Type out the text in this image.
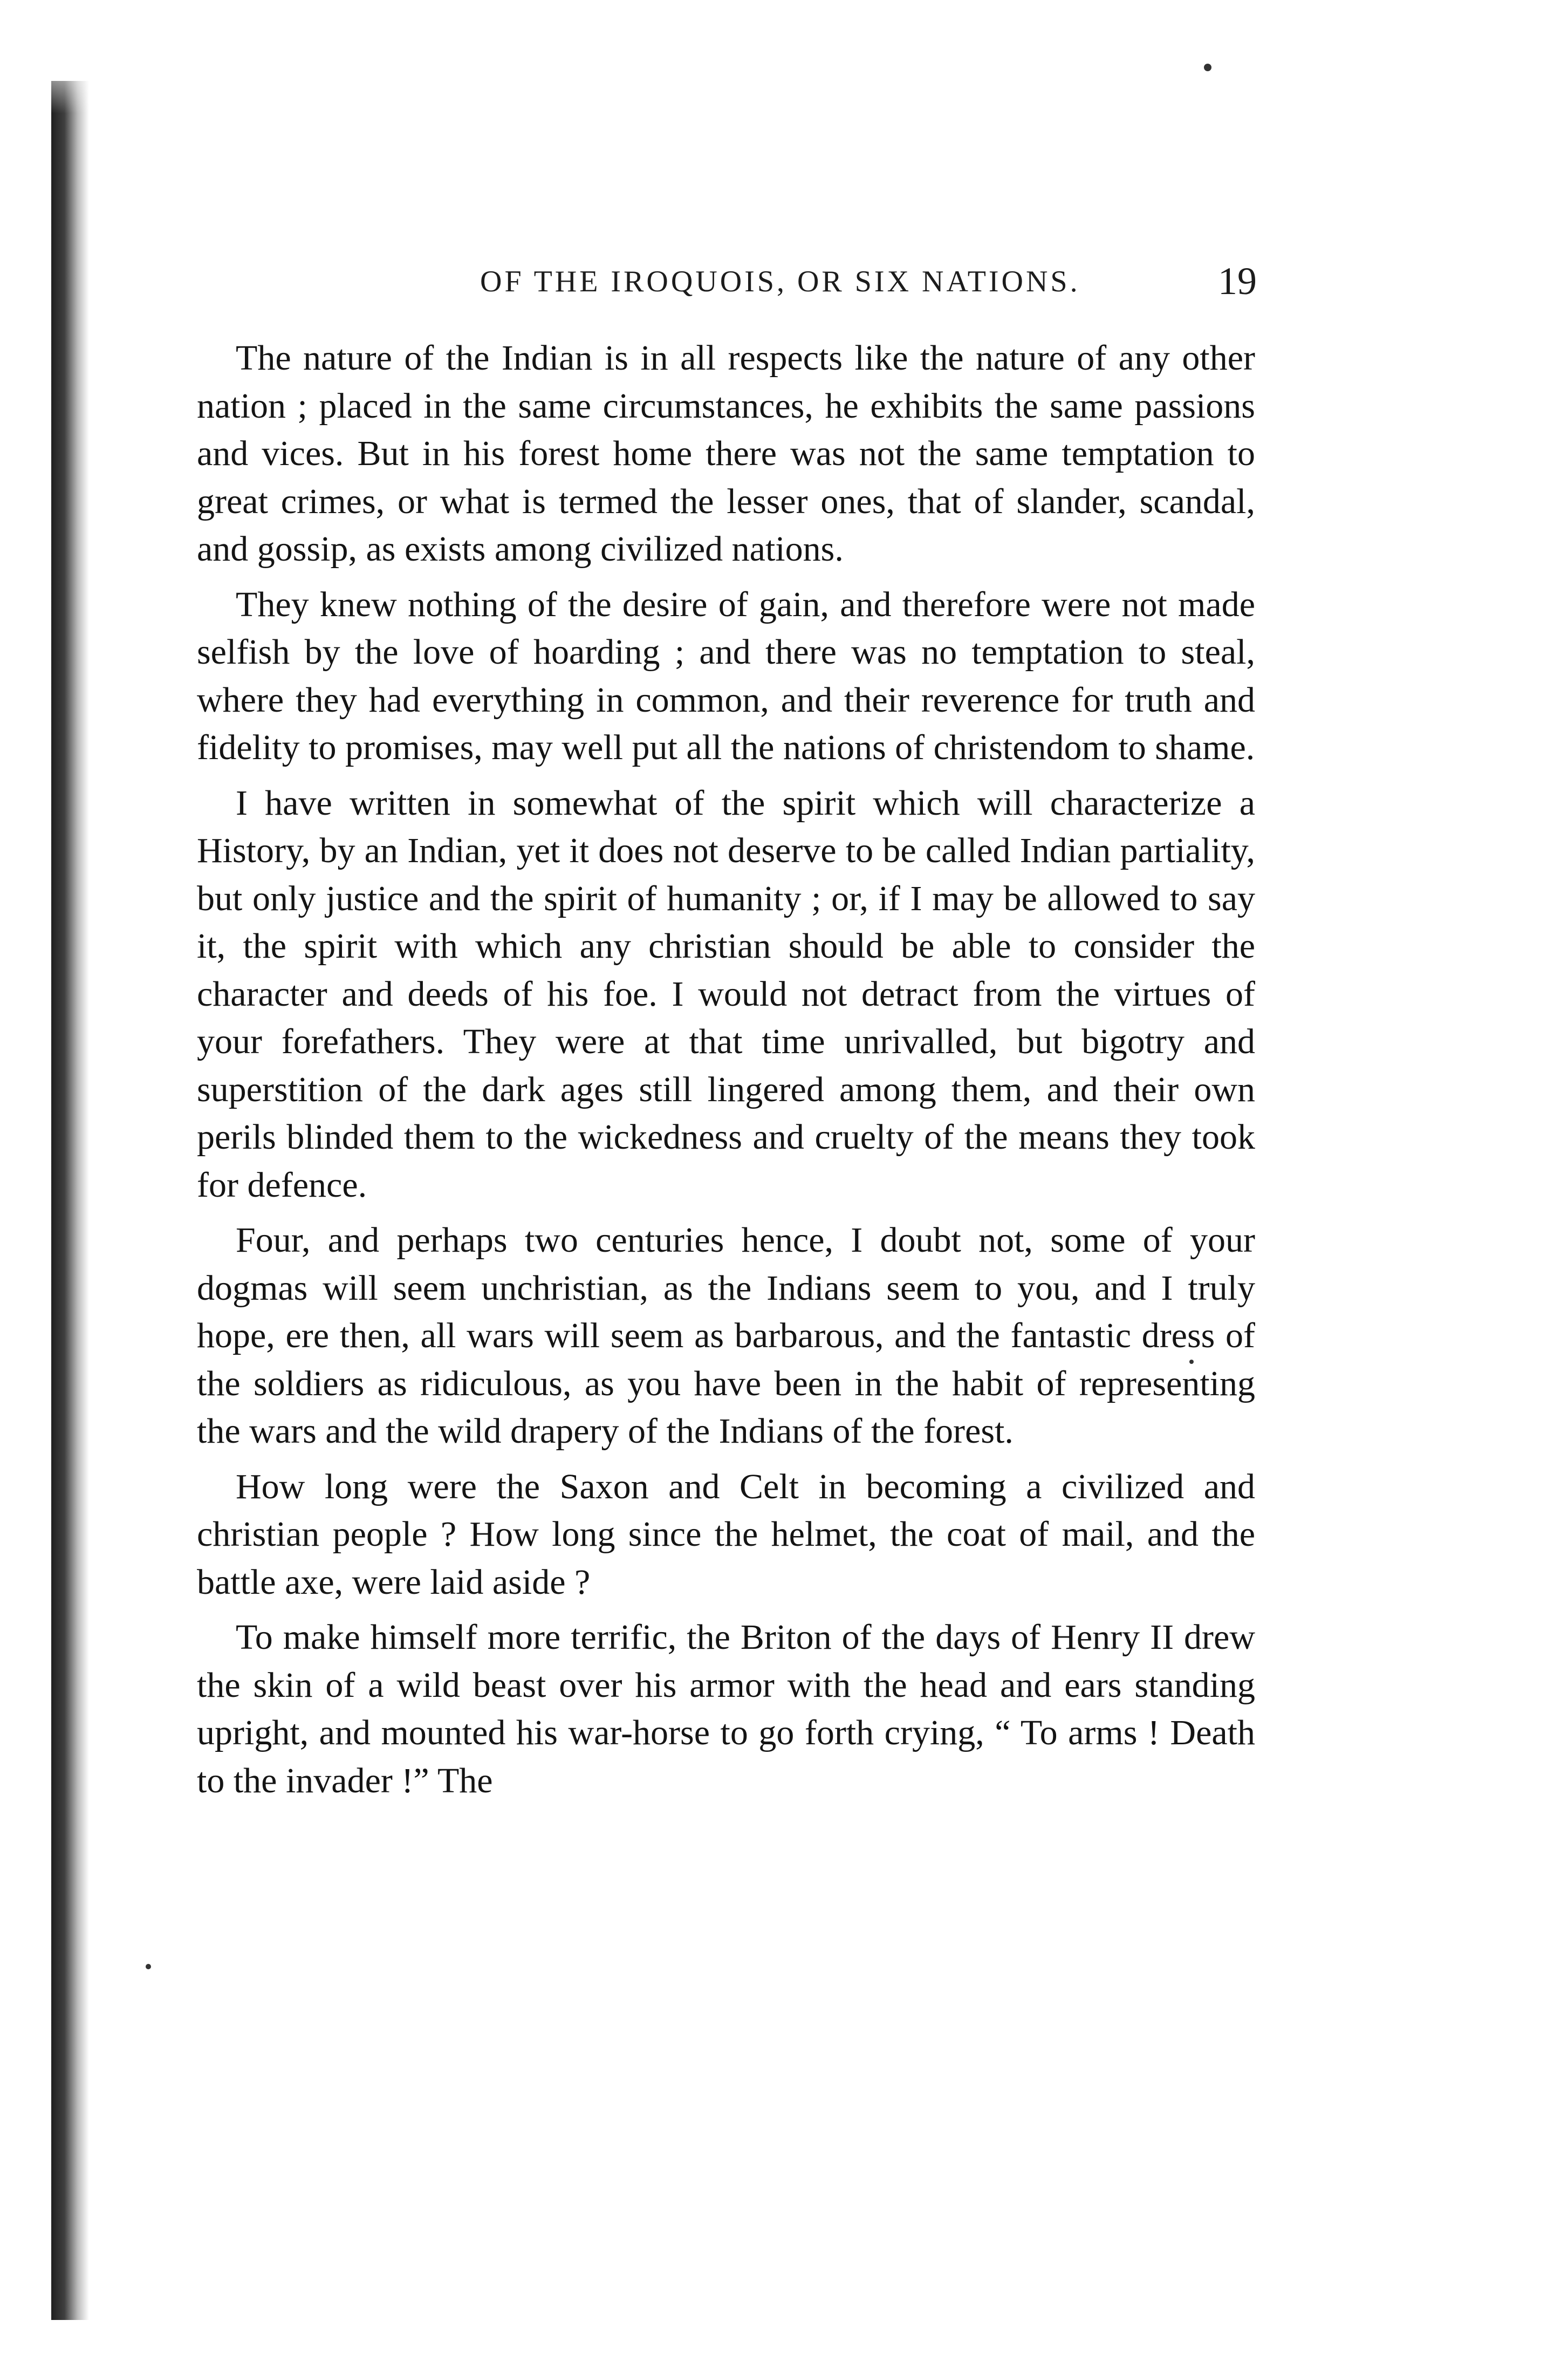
OF THE IROQUOIS, OR SIX NATIONS.	19

The nature of the Indian is in all respects like the nature of any other nation ; placed in the same circumstances, he exhibits the same passions and vices. But in his forest home there was not the same temptation to great crimes, or what is termed the lesser ones, that of slander, scandal, and gossip, as exists among civilized nations.

They knew nothing of the desire of gain, and therefore were not made selfish by the love of hoarding ; and there was no temptation to steal, where they had everything in common, and their reverence for truth and fidelity to promises, may well put all the nations of christendom to shame.

I have written in somewhat of the spirit which will characterize a History, by an Indian, yet it does not deserve to be called Indian partiality, but only justice and the spirit of humanity ; or, if I may be allowed to say it, the spirit with which any christian should be able to consider the character and deeds of his foe. I would not detract from the virtues of your forefathers. They were at that time unrivalled, but bigotry and superstition of the dark ages still lingered among them, and their own perils blinded them to the wickedness and cruelty of the means they took for defence.

Four, and perhaps two centuries hence, I doubt not, some of your dogmas will seem unchristian, as the Indians seem to you, and I truly hope, ere then, all wars will seem as barbarous, and the fantastic dress of the soldiers as ridiculous, as you have been in the habit of representing the wars and the wild drapery of the Indians of the forest.

How long were the Saxon and Celt in becoming a civilized and christian people ? How long since the helmet, the coat of mail, and the battle axe, were laid aside ?

To make himself more terrific, the Briton of the days of Henry II drew the skin of a wild beast over his armor with the head and ears standing upright, and mounted his war-horse to go forth crying, “ To arms ! Death to the invader !” The
